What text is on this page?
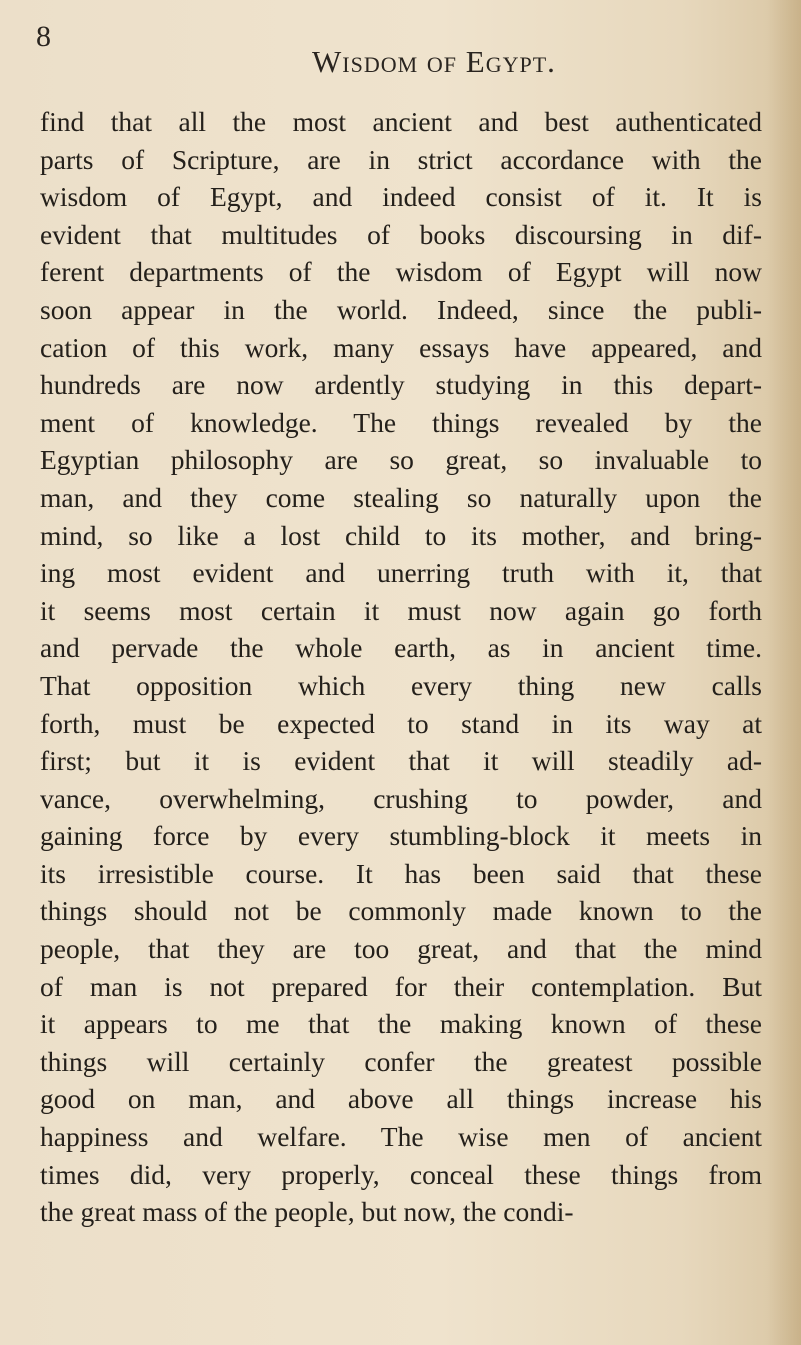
8
Wisdom of Egypt.
find that all the most ancient and best authenticated
parts of Scripture, are in strict accordance with the
wisdom of Egypt, and indeed consist of it. It is
evident that multitudes of books discoursing in dif-
ferent departments of the wisdom of Egypt will now
soon appear in the world. Indeed, since the publi-
cation of this work, many essays have appeared, and
hundreds are now ardently studying in this depart-
ment of knowledge. The things revealed by the
Egyptian philosophy are so great, so invaluable to
man, and they come stealing so naturally upon the
mind, so like a lost child to its mother, and bring-
ing most evident and unerring truth with it, that
it seems most certain it must now again go forth
and pervade the whole earth, as in ancient time.
That opposition which every thing new calls
forth, must be expected to stand in its way at
first; but it is evident that it will steadily ad-
vance, overwhelming, crushing to powder, and
gaining force by every stumbling-block it meets in
its irresistible course. It has been said that these
things should not be commonly made known to the
people, that they are too great, and that the mind
of man is not prepared for their contemplation. But
it appears to me that the making known of these
things will certainly confer the greatest possible
good on man, and above all things increase his
happiness and welfare. The wise men of ancient
times did, very properly, conceal these things from
the great mass of the people, but now, the condi-
